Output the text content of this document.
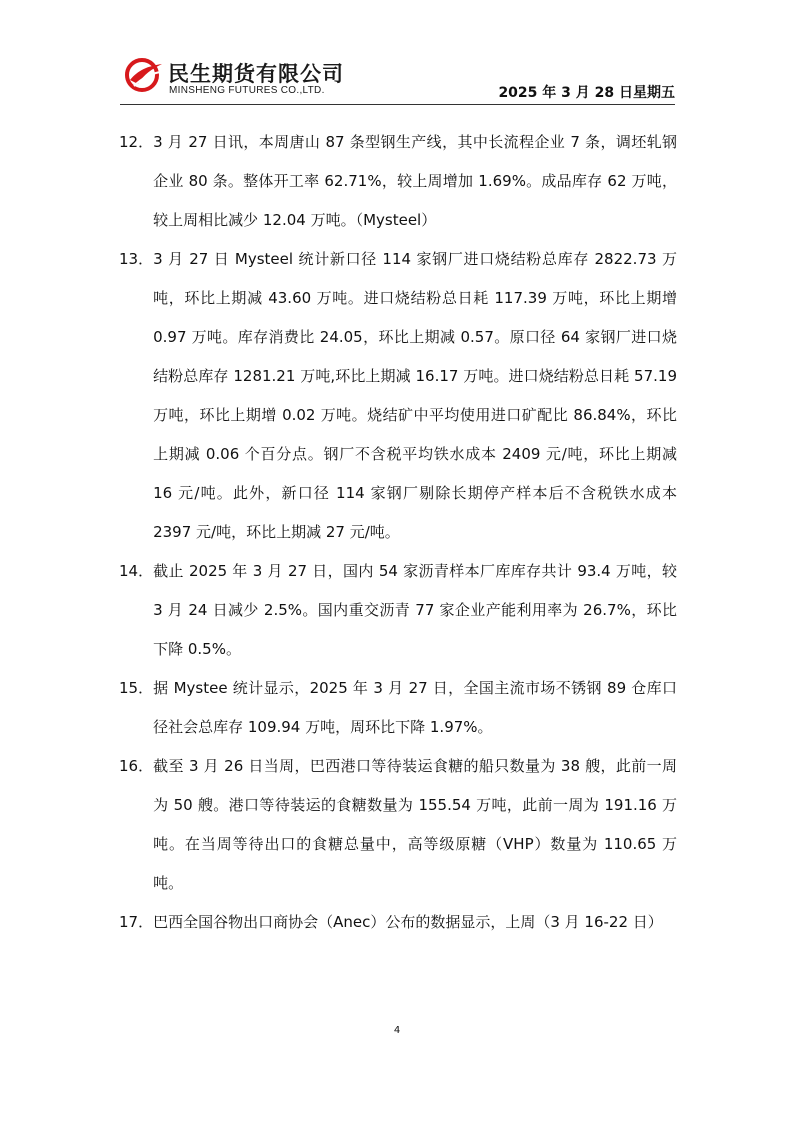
民生期货有限公司
MINSHENG FUTURES CO.,LTD.	2025 年 3 月 28 日星期五
12． 3 月 27 日讯，本周唐山 87 条型钢生产线，其中长流程企业 7 条，调坯轧钢企业 80 条。整体开工率 62.71%，较上周增加 1.69%。成品库存 62 万吨，较上周相比减少 12.04 万吨。（Mysteel）
13． 3 月 27 日 Mysteel 统计新口径 114 家钢厂进口烧结粉总库存 2822.73 万吨，环比上期减 43.60 万吨。进口烧结粉总日耗 117.39 万吨，环比上期增 0.97 万吨。库存消费比 24.05，环比上期减 0.57。原口径 64 家钢厂进口烧结粉总库存 1281.21 万吨,环比上期减 16.17 万吨。进口烧结粉总日耗 57.19 万吨，环比上期增 0.02 万吨。烧结矿中平均使用进口矿配比 86.84%，环比上期减 0.06 个百分点。钢厂不含税平均铁水成本 2409 元/吨，环比上期减 16 元/吨。此外，新口径 114 家钢厂剔除长期停产样本后不含税铁水成本 2397 元/吨，环比上期减 27 元/吨。
14． 截止 2025 年 3 月 27 日，国内 54 家沥青样本厂库库存共计 93.4 万吨，较 3 月 24 日减少 2.5%。国内重交沥青 77 家企业产能利用率为 26.7%，环比下降 0.5%。
15． 据 Mystee 统计显示，2025 年 3 月 27 日，全国主流市场不锈钢 89 仓库口径社会总库存 109.94 万吨，周环比下降 1.97%。
16． 截至 3 月 26 日当周，巴西港口等待装运食糖的船只数量为 38 艘，此前一周为 50 艘。港口等待装运的食糖数量为 155.54 万吨，此前一周为 191.16 万吨。在当周等待出口的食糖总量中，高等级原糖（VHP）数量为 110.65 万吨。
17． 巴西全国谷物出口商协会（Anec）公布的数据显示，上周（3 月 16-22 日）
4
